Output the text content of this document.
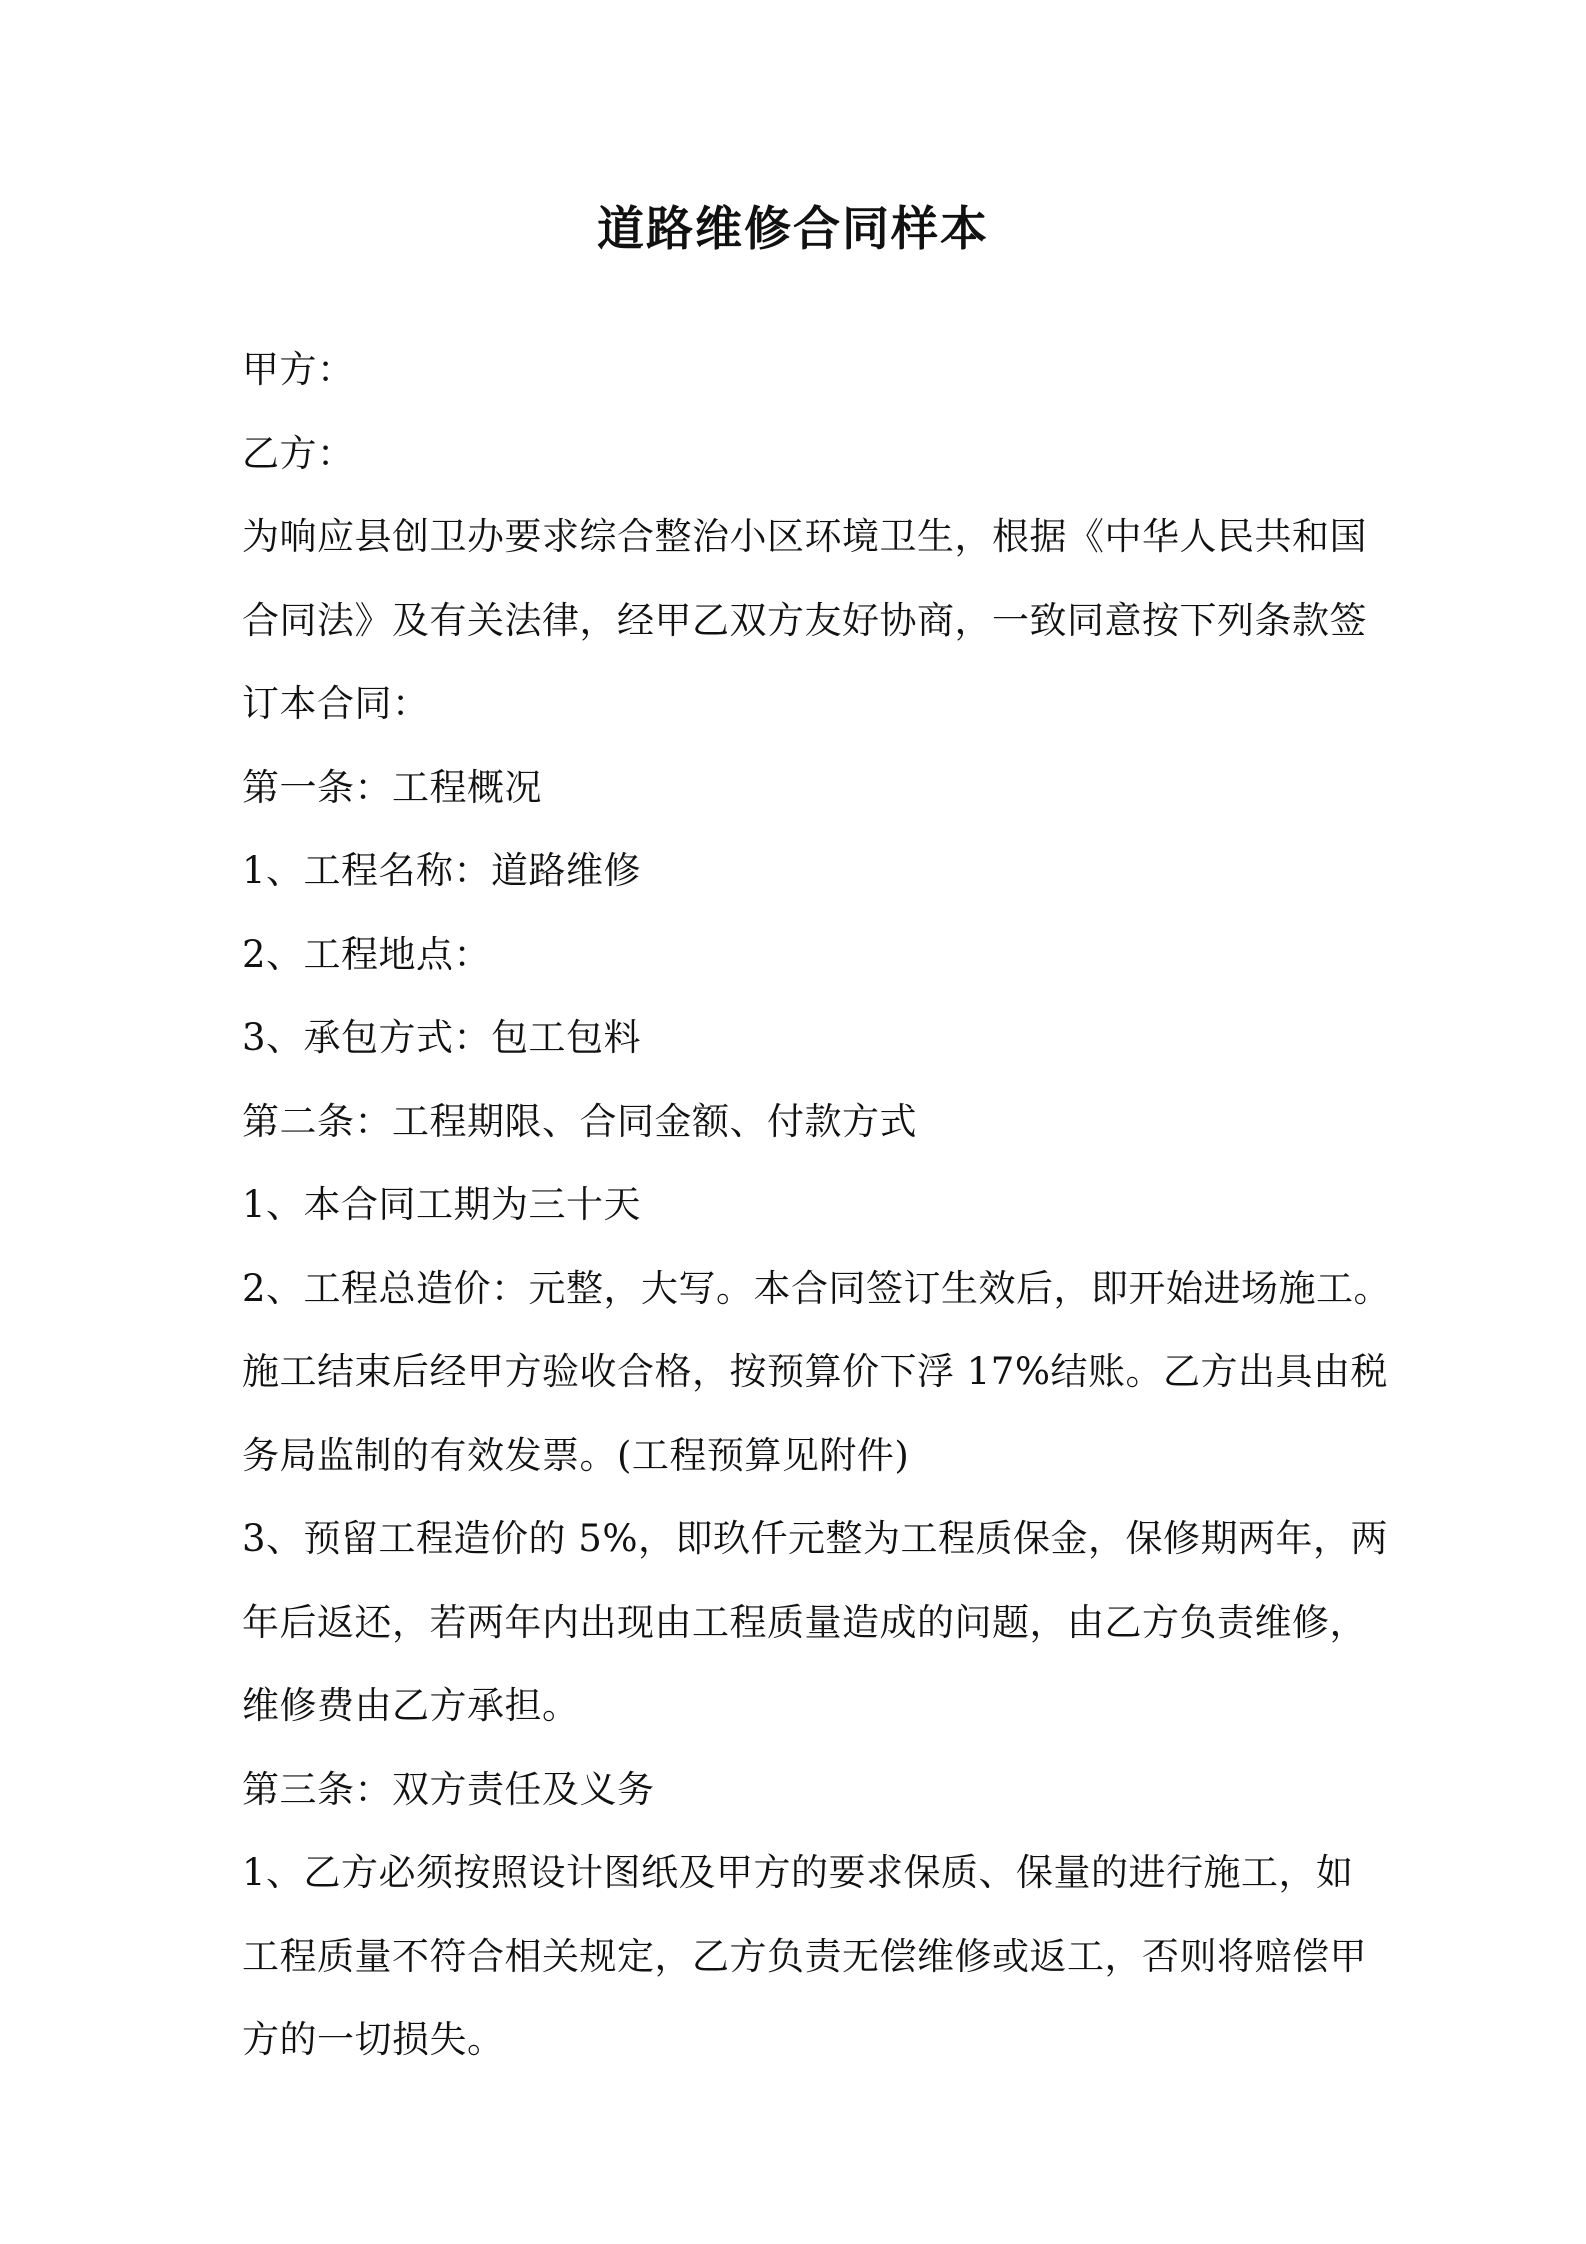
道路维修合同样本
甲方：
乙方：
为响应县创卫办要求综合整治小区环境卫生，根据《中华人民共和国
合同法》及有关法律，经甲乙双方友好协商，一致同意按下列条款签
订本合同：
第一条：工程概况
1、工程名称：道路维修
2、工程地点：
3、承包方式：包工包料
第二条：工程期限、合同金额、付款方式
1、本合同工期为三十天
2、工程总造价：元整，大写。本合同签订生效后，即开始进场施工。
施工结束后经甲方验收合格，按预算价下浮 17%结账。乙方出具由税
务局监制的有效发票。(工程预算见附件)
3、预留工程造价的 5%，即玖仟元整为工程质保金，保修期两年，两
年后返还，若两年内出现由工程质量造成的问题，由乙方负责维修，
维修费由乙方承担。
第三条：双方责任及义务
1、乙方必须按照设计图纸及甲方的要求保质、保量的进行施工，如
工程质量不符合相关规定，乙方负责无偿维修或返工，否则将赔偿甲
方的一切损失。
